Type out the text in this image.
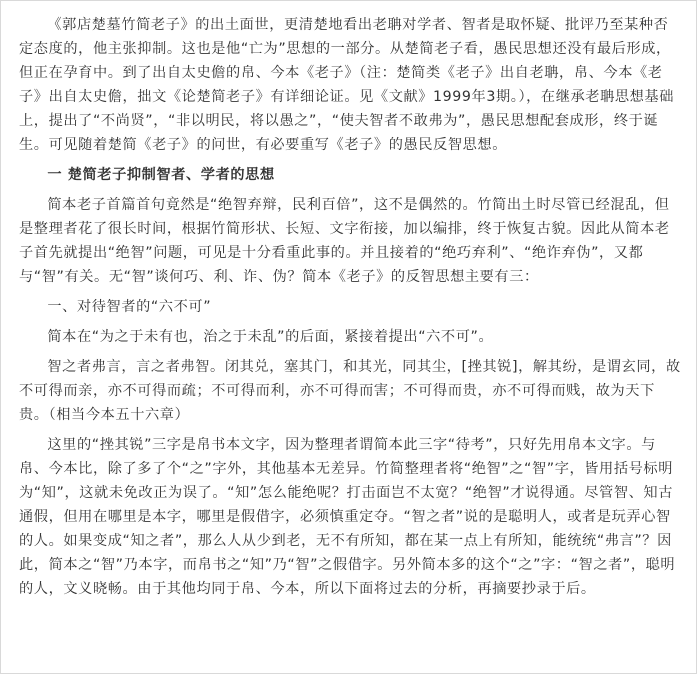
《郭店楚墓竹简老子》的出土面世，更清楚地看出老聃对学者、智者是取怀疑、批评乃至某种否定态度的，他主张抑制。这也是他“亡为”思想的一部分。从楚简老子看，愚民思想还没有最后形成，但正在孕育中。到了出自太史儋的帛、今本《老子》（注：楚简类《老子》出自老聃，帛、今本《老子》出自太史儋，拙文《论楚简老子》有详细论证。见《文献》1999年3期。），在继承老聃思想基础上，提出了“不尚贤”，“非以明民，将以愚之”，“使夫智者不敢弗为”，愚民思想配套成形，终于诞生。可见随着楚简《老子》的问世，有必要重写《老子》的愚民反智思想。

一 楚简老子抑制智者、学者的思想

简本老子首篇首句竟然是“绝智弃辩，民利百倍”，这不是偶然的。竹简出土时尽管已经混乱，但是整理者花了很长时间，根据竹简形状、长短、文字衔接，加以编排，终于恢复古貌。因此从简本老子首先就提出“绝智”问题，可见是十分看重此事的。并且接着的“绝巧弃利”、“绝诈弃伪”，又都与“智”有关。无“智”谈何巧、利、诈、伪？简本《老子》的反智思想主要有三：

一、对待智者的“六不可”

简本在“为之于未有也，治之于未乱”的后面，紧接着提出“六不可”。

智之者弗言，言之者弗智。闭其兑，塞其门，和其光，同其尘，[挫其锐]，解其纷，是谓玄同，故不可得而亲，亦不可得而疏；不可得而利，亦不可得而害；不可得而贵，亦不可得而贱，故为天下贵。（相当今本五十六章）

这里的“挫其锐”三字是帛书本文字，因为整理者谓简本此三字“待考”，只好先用帛本文字。与帛、今本比，除了多了个“之”字外，其他基本无差异。竹简整理者将“绝智”之“智”字，皆用括号标明为“知”，这就未免改正为误了。“知”怎么能绝呢？打击面岂不太宽？“绝智”才说得通。尽管智、知古通假，但用在哪里是本字，哪里是假借字，必须慎重定夺。“智之者”说的是聪明人，或者是玩弄心智的人。如果变成“知之者”，那么人从少到老，无不有所知，都在某一点上有所知，能统统“弗言”？因此，简本之“智”乃本字，而帛书之“知”乃“智”之假借字。另外简本多的这个“之”字：“智之者”，聪明的人，文义晓畅。由于其他均同于帛、今本，所以下面将过去的分析，再摘要抄录于后。
